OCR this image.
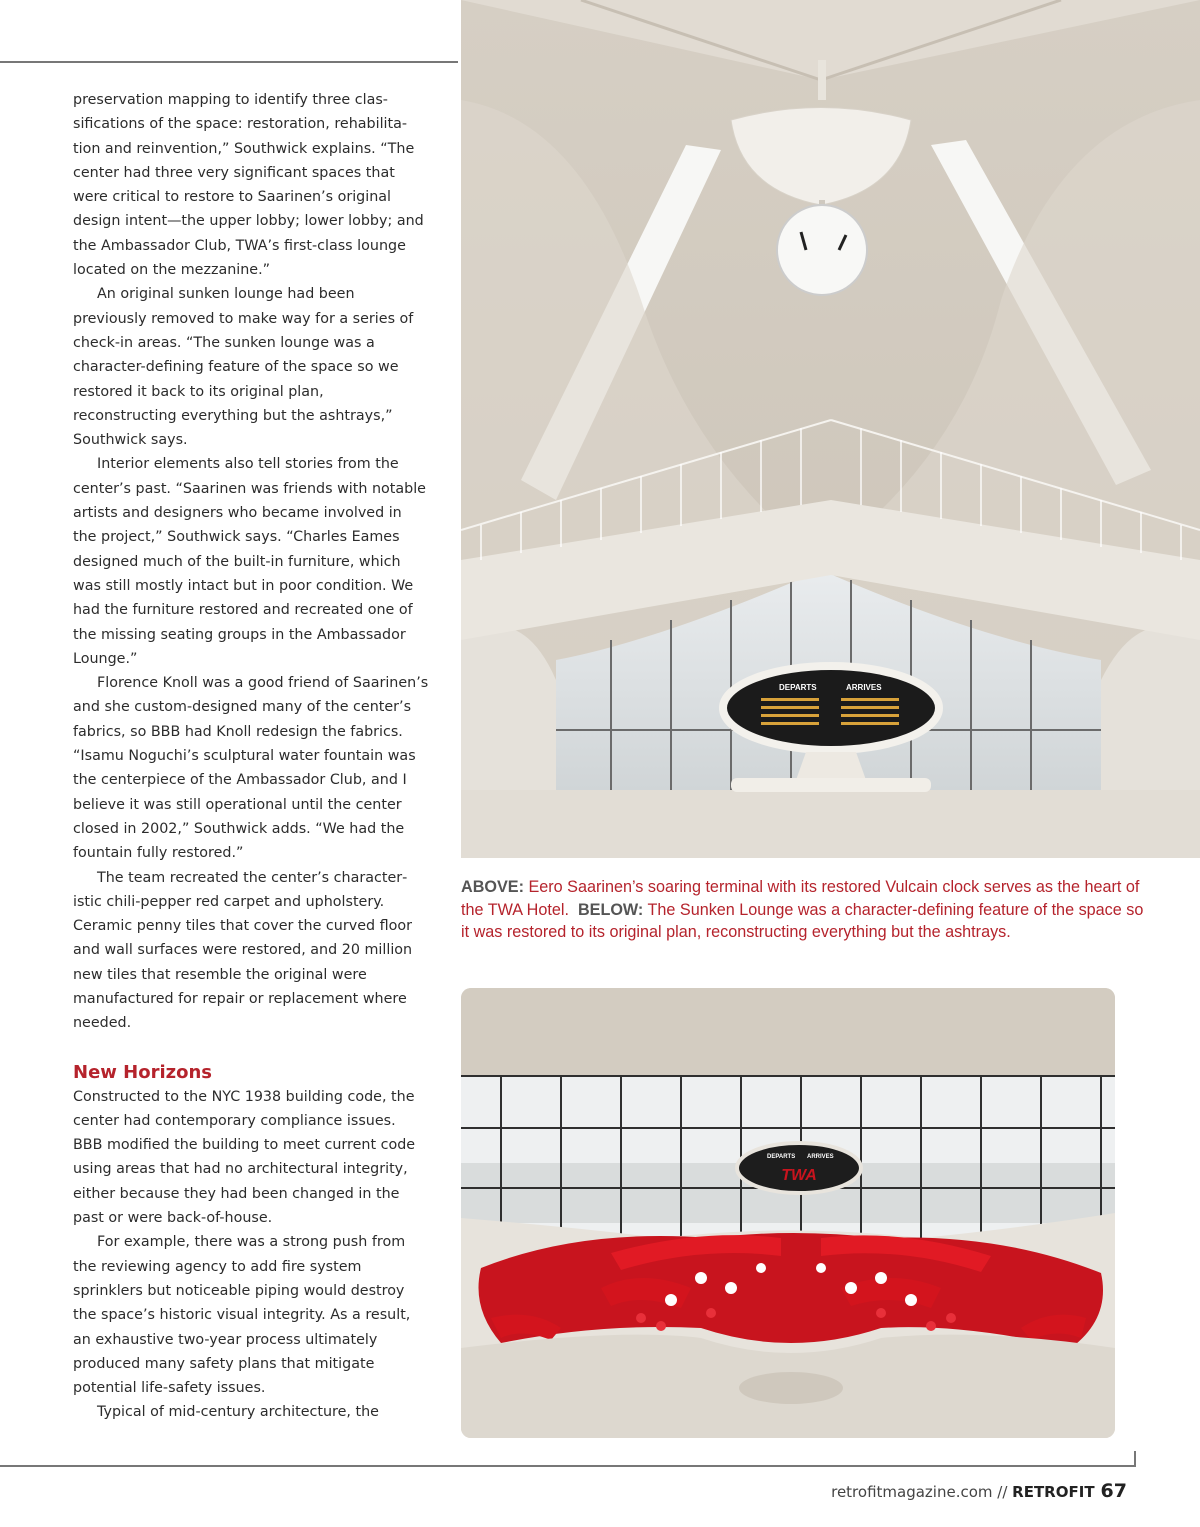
preservation mapping to identify three classifications of the space: restoration, rehabilitation and reinvention,” Southwick explains. “The center had three very significant spaces that were critical to restore to Saarinen’s original design intent—the upper lobby; lower lobby; and the Ambassador Club, TWA’s first-class lounge located on the mezzanine.”

An original sunken lounge had been previously removed to make way for a series of check-in areas. “The sunken lounge was a character-defining feature of the space so we restored it back to its original plan, reconstructing everything but the ashtrays,” Southwick says.

Interior elements also tell stories from the center’s past. “Saarinen was friends with notable artists and designers who became involved in the project,” Southwick says. “Charles Eames designed much of the built-in furniture, which was still mostly intact but in poor condition. We had the furniture restored and recreated one of the missing seating groups in the Ambassador Lounge.”

Florence Knoll was a good friend of Saarinen’s and she custom-designed many of the center’s fabrics, so BBB had Knoll redesign the fabrics. “Isamu Noguchi’s sculptural water fountain was the centerpiece of the Ambassador Club, and I believe it was still operational until the center closed in 2002,” Southwick adds. “We had the fountain fully restored.”

The team recreated the center’s characteristic chili-pepper red carpet and upholstery. Ceramic penny tiles that cover the curved floor and wall surfaces were restored, and 20 million new tiles that resemble the original were manufactured for repair or replacement where needed.

New Horizons

Constructed to the NYC 1938 building code, the center had contemporary compliance issues. BBB modified the building to meet current code using areas that had no architectural integrity, either because they had been changed in the past or were back-of-house.

For example, there was a strong push from the reviewing agency to add fire system sprinklers but noticeable piping would destroy the space’s historic visual integrity. As a result, an exhaustive two-year process ultimately produced many safety plans that mitigate potential life-safety issues.

Typical of mid-century architecture, the

DEPARTS	ARRIVES
ABOVE: Eero Saarinen’s soaring terminal with its restored Vulcain clock serves as the heart of the TWA Hotel. BELOW: The Sunken Lounge was a character-defining feature of the space so it was restored to its original plan, reconstructing everything but the ashtrays.
DEPARTS ARRIVES
TWA
retrofitmagazine.com // RETROFIT 67
